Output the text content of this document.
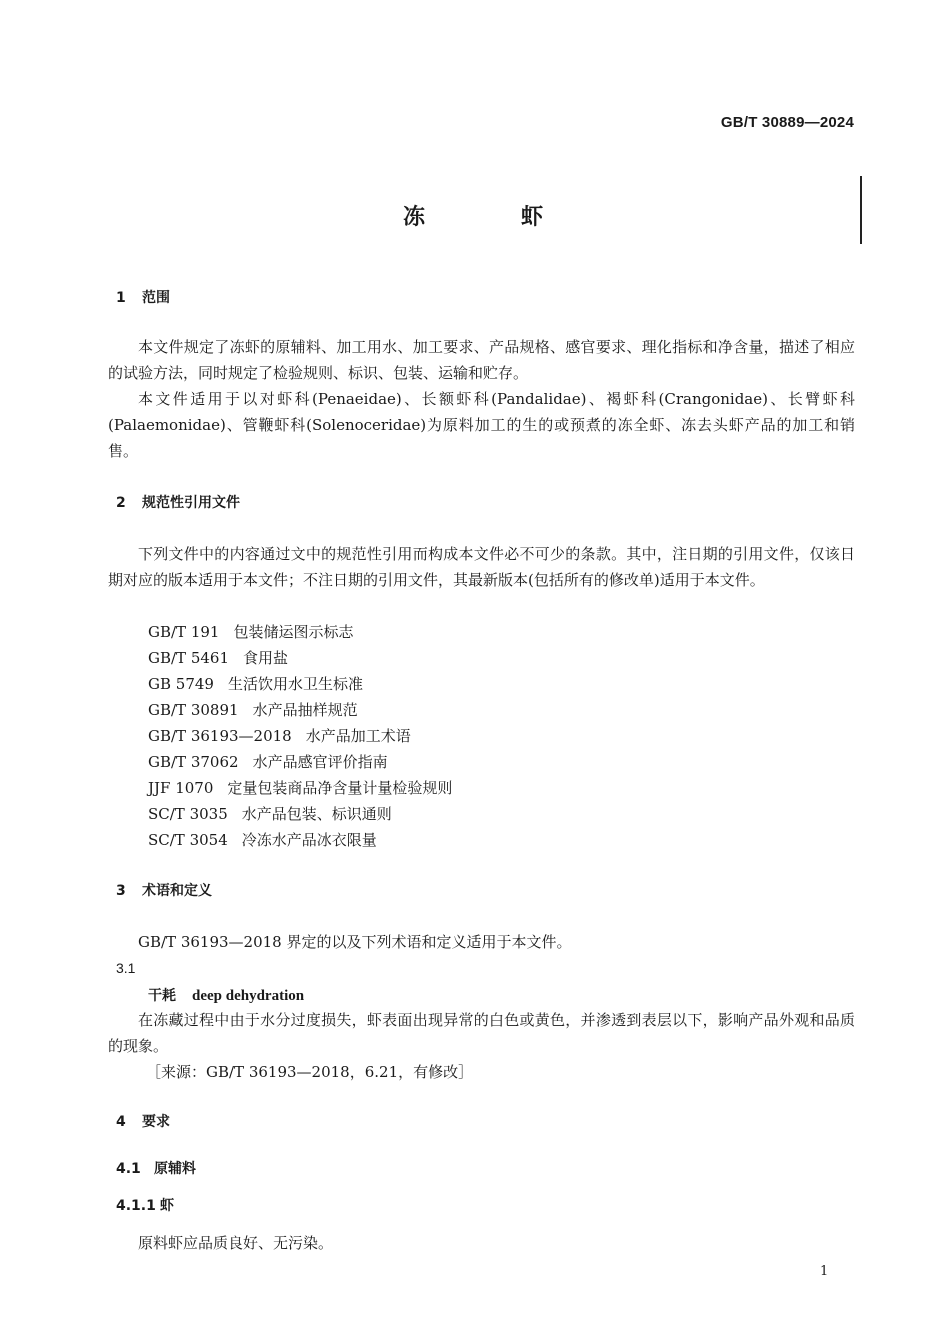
GB/T 30889—2024
冻	虾
1 范围

本文件规定了冻虾的原辅料、加工用水、加工要求、产品规格、感官要求、理化指标和净含量，描述了相应的试验方法，同时规定了检验规则、标识、包装、运输和贮存。

本文件适用于以对虾科(Penaeidae)、长额虾科(Pandalidae)、褐虾科(Crangonidae)、长臂虾科(Palaemonidae)、管鞭虾科(Solenoceridae)为原料加工的生的或预煮的冻全虾、冻去头虾产品的加工和销售。

2 规范性引用文件

下列文件中的内容通过文中的规范性引用而构成本文件必不可少的条款。其中，注日期的引用文件，仅该日期对应的版本适用于本文件；不注日期的引用文件，其最新版本(包括所有的修改单)适用于本文件。

GB/T 191 包装储运图示标志
GB/T 5461 食用盐
GB 5749 生活饮用水卫生标准
GB/T 30891 水产品抽样规范
GB/T 36193—2018 水产品加工术语
GB/T 37062 水产品感官评价指南
JJF 1070 定量包装商品净含量计量检验规则
SC/T 3035 水产品包装、标识通则
SC/T 3054 冷冻水产品冰衣限量
3 术语和定义

GB/T 36193—2018 界定的以及下列术语和定义适用于本文件。

3.1
干耗 deep dehydration

在冻藏过程中由于水分过度损失，虾表面出现异常的白色或黄色，并渗透到表层以下，影响产品外观和品质的现象。

［来源：GB/T 36193—2018，6.21，有修改］
4 要求
4.1 原辅料
4.1.1 虾

原料虾应品质良好、无污染。

1
